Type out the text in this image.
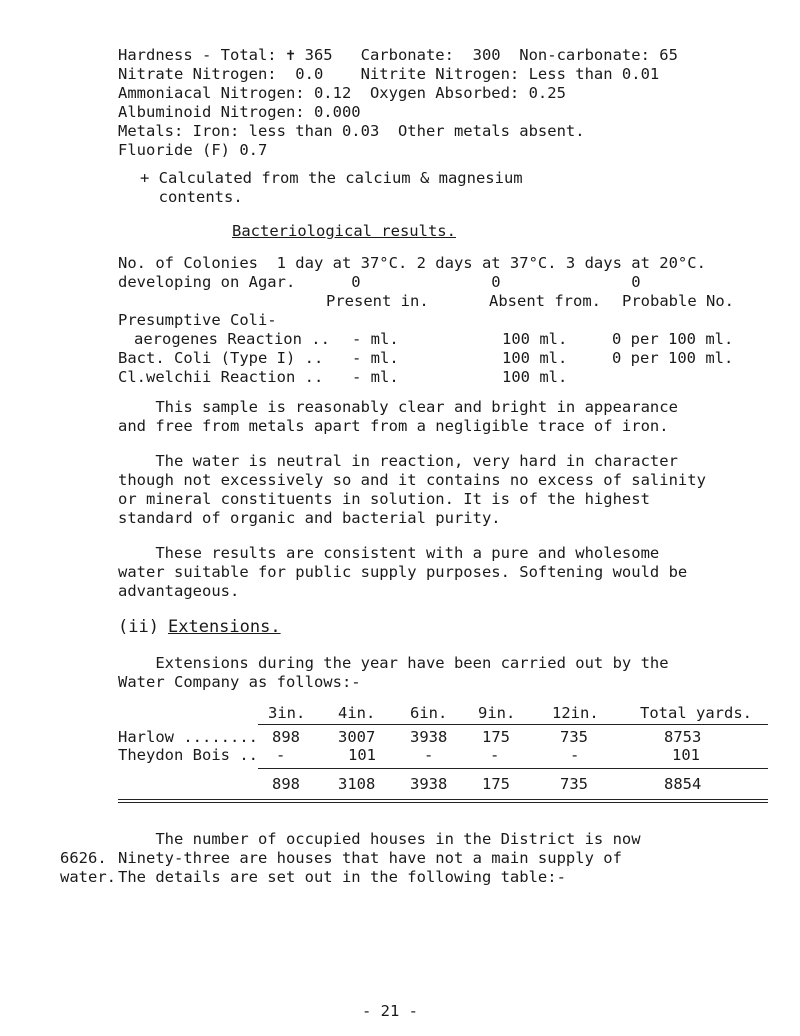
Hardness - Total: ✝ 365   Carbonate:  300  Non-carbonate: 65
Nitrate Nitrogen:  0.0    Nitrite Nitrogen: Less than 0.01
Ammoniacal Nitrogen: 0.12  Oxygen Absorbed: 0.25
Albuminoid Nitrogen: 0.000
Metals: Iron: less than 0.03  Other metals absent.
Fluoride (F) 0.7
+ Calculated from the calcium & magnesium
contents.
Bacteriological results.
No. of Colonies  1 day at 37°C. 2 days at 37°C. 3 days at 20°C.
developing on Agar.      0              0              0
Present in.	Absent from. Probable No.
Presumptive Coli-
aerogenes Reaction .. - ml.	100 ml.	0 per 100 ml.
Bact. Coli (Type I) .. - ml.	100 ml.	0 per 100 ml.
Cl.welchii Reaction .. - ml.	100 ml.
This sample is reasonably clear and bright in appearance
and free from metals apart from a negligible trace of iron.
The water is neutral in reaction, very hard in character
though not excessively so and it contains no excess of salinity
or mineral constituents in solution. It is of the highest
standard of organic and bacterial purity.
These results are consistent with a pure and wholesome
water suitable for public supply purposes. Softening would be
advantageous.
(ii) Extensions.
Extensions during the year have been carried out by the
Water Company as follows:-
3in. 4in. 6in. 9in. 12in.	Total yards.
Harlow ........ 898 3007 3938 175	735	8753
Theydon Bois .. -	101	-	-	-	101
898 3108 3938 175	735	8854
The number of occupied houses in the District is now
6626. Ninety-three are houses that have not a main supply of
water. The details are set out in the following table:-
- 21 -
